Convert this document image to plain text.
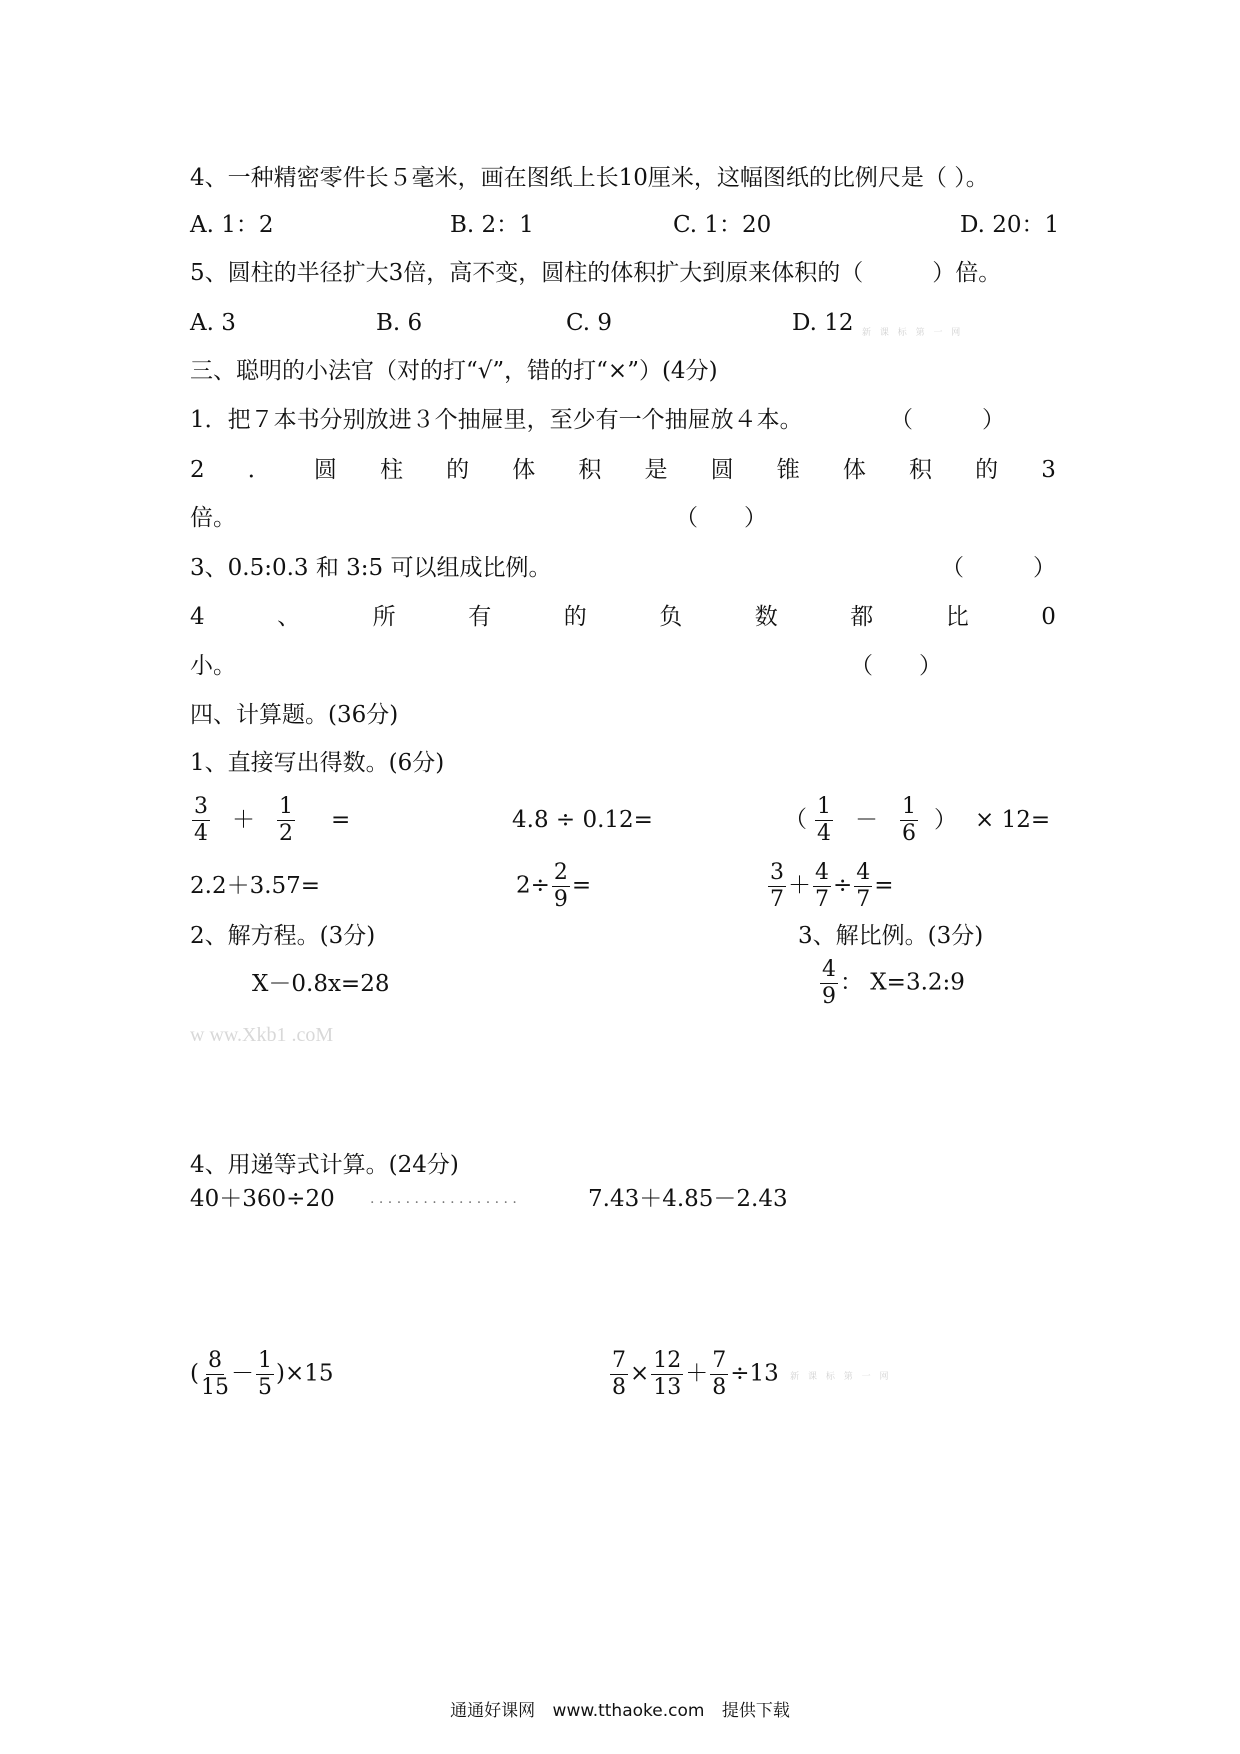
4、一种精密零件长５毫米，画在图纸上长10厘米，这幅图纸的比例尺是（ ）。
A. 1：2	B. 2：1	C. 1：20	D. 20：1
5、圆柱的半径扩大3倍，高不变，圆柱的体积扩大到原来体积的（　　　）倍。
A. 3	B. 6	C. 9	D. 12 新 课 标 第 一 网
三、聪明的小法官（对的打“√”，错的打“×”）(4分)
1．把７本书分别放进３个抽屉里，至少有一个抽屉放４本。	（　　　）
2 ． 圆 柱 的 体 积 是 圆 锥 体 积 的 3
倍。	（　　）
3、0.5:0.3 和 3:5 可以组成比例。	（　　　）
4	、	所	有	的	负	数	都	比	0
小。	（　　）
四、计算题。(36分)
1、直接写出得数。(6分)
$\frac{3}{4} + \frac{1}{2}$ =	4.8 ÷ 0.12=	（ $\frac{1}{4} - \frac{1}{6}$ ） × 12=
2.2＋3.57=	$2\div \frac{2}{9}$ =	$\frac{3}{7} + \frac{4}{7} \div \frac{4}{7}$ =
2、解方程。(3分)	3、解比例。(3分)
X－0.8x=28	$\frac{4}{9}$ ： X=3.2:9
w ww.Xkb1 .coM
4、用递等式计算。(24分)
40＋360÷20	. . . . . . . . . . . . . . . . .	7.43＋4.85－2.43
( $\frac{8}{15} - \frac{1}{5} )\times 15$	$\frac{7}{8} \times \frac{12}{13} + \frac{7}{8} \div 13$ 新 课 标 第 一 网
通通好课网 www.tthaoke.com 提供下载
